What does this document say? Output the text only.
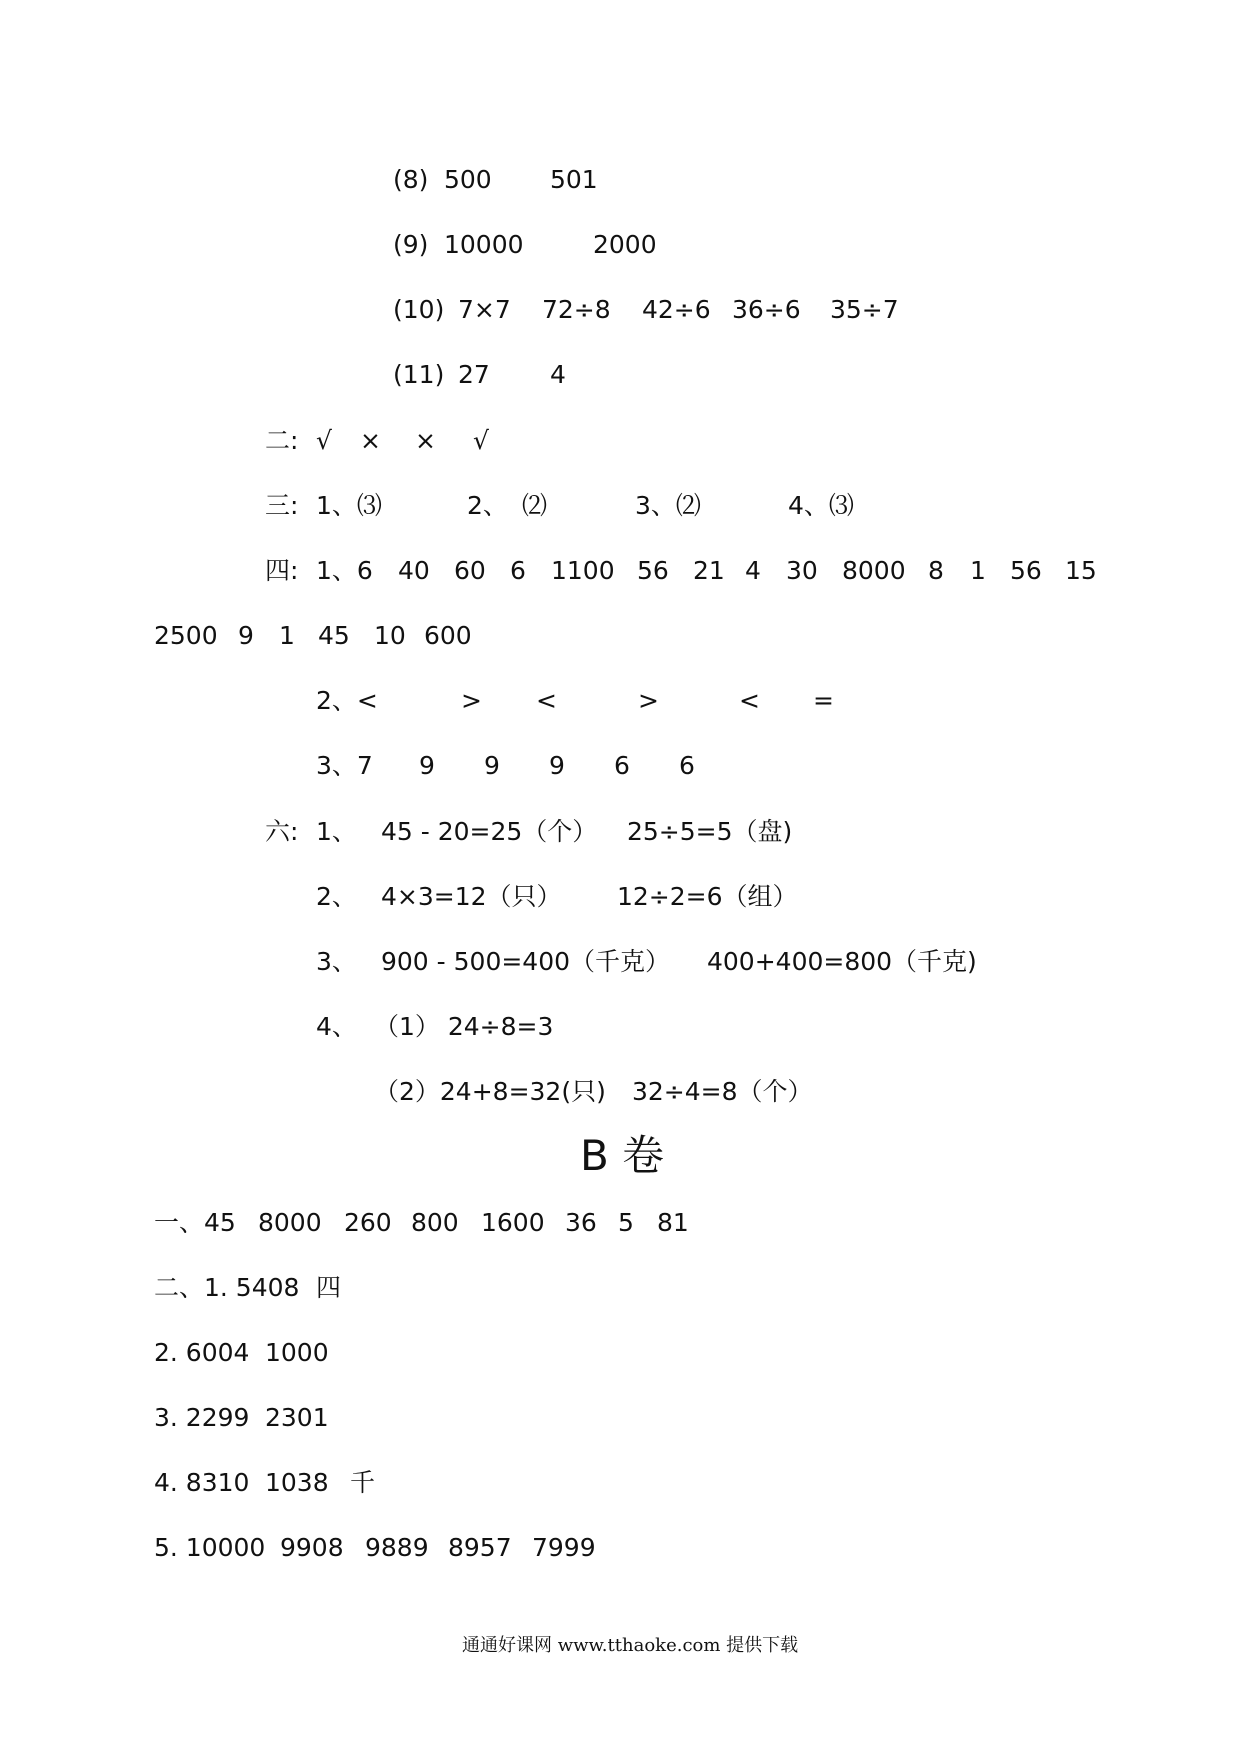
(8) 500 501
(9) 10000	2000
(10) 7×7 72÷8 42÷6 36÷6 35÷7
(11) 27 4
二: √ × × √
三: 1、⑶	2、 ⑵	3、⑵	4、⑶
四: 1、6 40 60 6 1100 56 21 4 30 8000 8 1 56 15
2500 9 1 45 10 600
2、<	> <	>	< =
3、7 9 9 9 6 6
六: 1、 45 - 20=25（个） 25÷5=5（盘)
2、 4×3=12（只） 12÷2=6（组）
3、 900 - 500=400（千克） 400+400=800（千克)
4、 （1） 24÷8=3
（2）24+8=32(只) 32÷4=8（个）
B 卷
一、45 8000 260 800 1600 36 5 81
二、1. 5408 四
2. 6004 1000
3. 2299 2301
4. 8310 1038 千
5. 10000 9908 9889 8957 7999
通通好课网 www.tthaoke.com 提供下载
